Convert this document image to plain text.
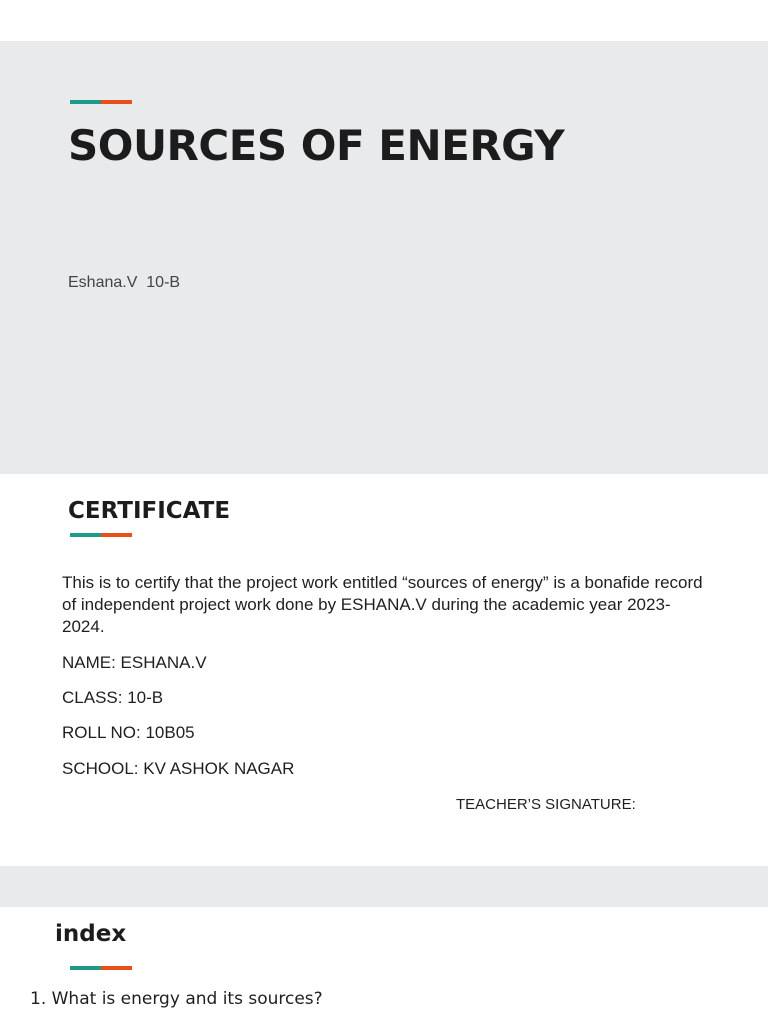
SOURCES OF ENERGY
Eshana.V  10-B
CERTIFICATE

This is to certify that the project work entitled “sources of energy” is a bonafide record of independent project work done by ESHANA.V during the academic year 2023-2024.

NAME: ESHANA.V
CLASS: 10-B
ROLL NO: 10B05
SCHOOL: KV ASHOK NAGAR
TEACHER’S SIGNATURE:
index
1. What is energy and its sources?
